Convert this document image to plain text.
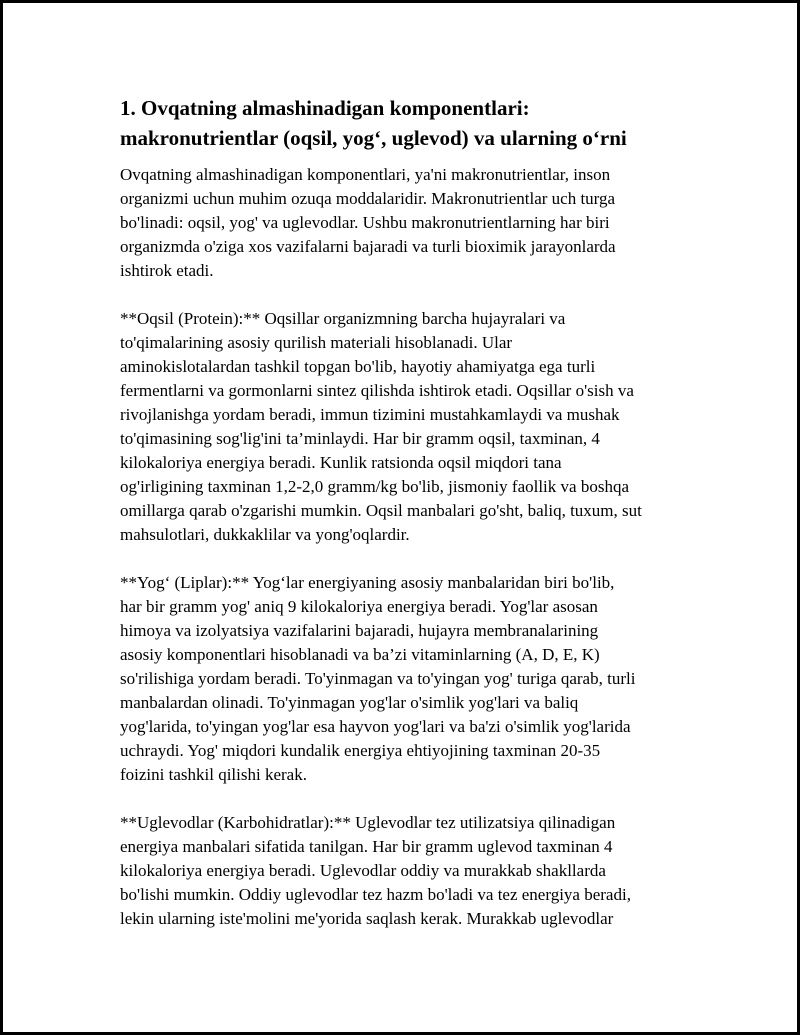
1. Ovqatning almashinadigan komponentlari:
makronutrientlar (oqsil, yog‘, uglevod) va ularning o‘rni

Ovqatning almashinadigan komponentlari, ya'ni makronutrientlar, inson
organizmi uchun muhim ozuqa moddalaridir. Makronutrientlar uch turga
bo'linadi: oqsil, yog' va uglevodlar. Ushbu makronutrientlarning har biri
organizmda o'ziga xos vazifalarni bajaradi va turli bioximik jarayonlarda
ishtirok etadi.

**Oqsil (Protein):** Oqsillar organizmning barcha hujayralari va
to'qimalarining asosiy qurilish materiali hisoblanadi. Ular
aminokislotalardan tashkil topgan bo'lib, hayotiy ahamiyatga ega turli
fermentlarni va gormonlarni sintez qilishda ishtirok etadi. Oqsillar o'sish va
rivojlanishga yordam beradi, immun tizimini mustahkamlaydi va mushak
to'qimasining sog'lig'ini ta’minlaydi. Har bir gramm oqsil, taxminan, 4
kilokaloriya energiya beradi. Kunlik ratsionda oqsil miqdori tana
og'irligining taxminan 1,2-2,0 gramm/kg bo'lib, jismoniy faollik va boshqa
omillarga qarab o'zgarishi mumkin. Oqsil manbalari go'sht, baliq, tuxum, sut
mahsulotlari, dukkaklilar va yong'oqlardir.

**Yog‘ (Liplar):** Yog‘lar energiyaning asosiy manbalaridan biri bo'lib,
har bir gramm yog' aniq 9 kilokaloriya energiya beradi. Yog'lar asosan
himoya va izolyatsiya vazifalarini bajaradi, hujayra membranalarining
asosiy komponentlari hisoblanadi va ba’zi vitaminlarning (A, D, E, K)
so'rilishiga yordam beradi. To'yinmagan va to'yingan yog' turiga qarab, turli
manbalardan olinadi. To'yinmagan yog'lar o'simlik yog'lari va baliq
yog'larida, to'yingan yog'lar esa hayvon yog'lari va ba'zi o'simlik yog'larida
uchraydi. Yog' miqdori kundalik energiya ehtiyojining taxminan 20-35
foizini tashkil qilishi kerak.

**Uglevodlar (Karbohidratlar):** Uglevodlar tez utilizatsiya qilinadigan
energiya manbalari sifatida tanilgan. Har bir gramm uglevod taxminan 4
kilokaloriya energiya beradi. Uglevodlar oddiy va murakkab shakllarda
bo'lishi mumkin. Oddiy uglevodlar tez hazm bo'ladi va tez energiya beradi,
lekin ularning iste'molini me'yorida saqlash kerak. Murakkab uglevodlar
